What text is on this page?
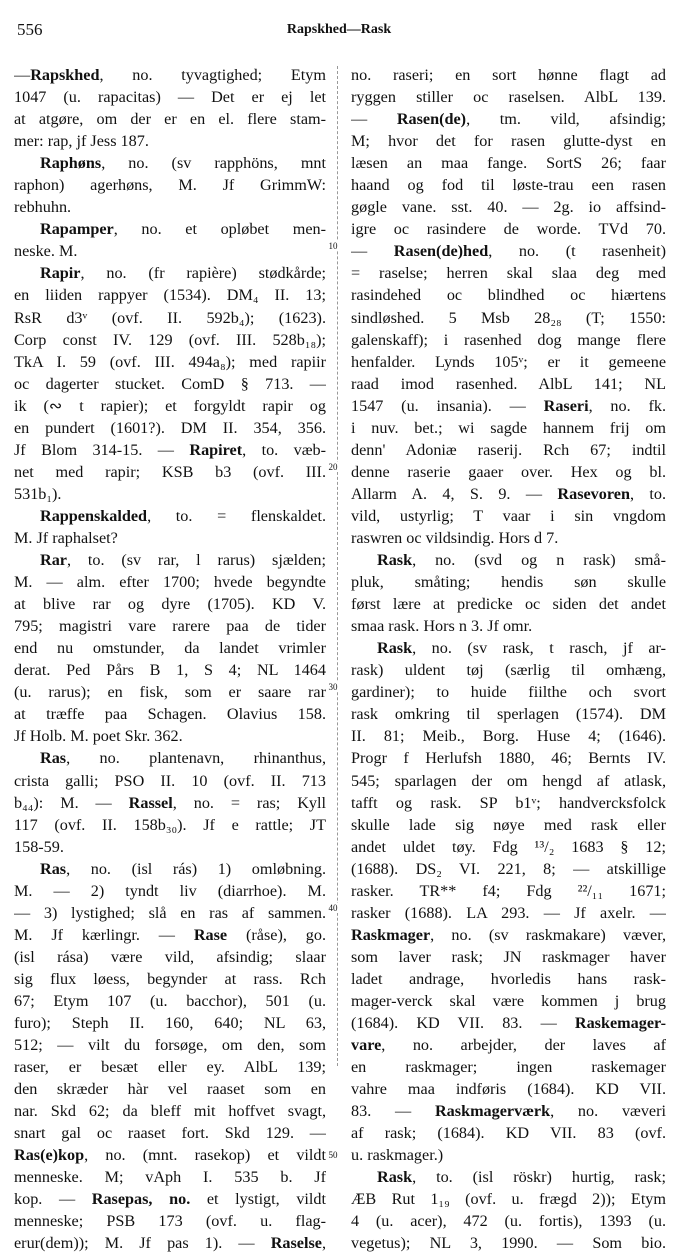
556	Rapskhed—Rask
—Rapskhed, no. tyvagtighed; Etym
1047 (u. rapacitas) — Det er ej let
at atgøre, om der er en el. flere stam-
mer: rap, jf Jess 187.
Raphøns, no. (sv rapphöns, mnt
raphon) agerhøns, M. Jf GrimmW:
rebhuhn.
Rapamper, no. et opløbet men-
neske. M.
Rapir, no. (fr rapière) stødkårde;
en liiden rappyer (1534). DM₄ II. 13;
RsR d3ᵛ (ovf. II. 592b₄); (1623).
Corp const IV. 129 (ovf. III. 528b₁₈);
TkA I. 59 (ovf. III. 494a₈); med rapiir
oc dagerter stucket. ComD § 713. —
ik (∾ t rapier); et forgyldt rapir og
en pundert (1601?). DM II. 354, 356.
Jf Blom 314-15. — Rapiret, to. væb-
net med rapir; KSB b3 (ovf. III.
531b₁).
Rappenskalded, to. = flenskaldet.
M. Jf raphalset?
Rar, to. (sv rar, l rarus) sjælden;
M. — alm. efter 1700; hvede begyndte
at blive rar og dyre (1705). KD V.
795; magistri vare rarere paa de tider
end nu omstunder, da landet vrimler
derat. Ped Pårs B 1, S 4; NL 1464
(u. rarus); en fisk, som er saare rar
at træffe paa Schagen. Olavius 158.
Jf Holb. M. poet Skr. 362.
Ras, no. plantenavn, rhinanthus,
crista galli; PSO II. 10 (ovf. II. 713
b₄₄): M. — Rassel, no. = ras; Kyll
117 (ovf. II. 158b₃₀). Jf e rattle; JT
158-59.
Ras, no. (isl rás) 1) omløbning.
M. — 2) tyndt liv (diarrhoe). M.
— 3) lystighed; slå en ras af sammen.
M. Jf kærlingr. — Rase (råse), go.
(isl rása) være vild, afsindig; slaar
sig flux løess, begynder at rass. Rch
67; Etym 107 (u. bacchor), 501 (u.
furo); Steph II. 160, 640; NL 63,
512; — vilt du forsøge, om den, som
raser, er besæt eller ey. AlbL 139;
den skræder hàr vel raaset som en
nar. Skd 62; da bleff mit hoffvet svagt,
snart gal oc raaset fort. Skd 129. —
Ras(e)kop, no. (mnt. rasekop) et vildt
menneske. M; vAph I. 535 b. Jf
kop. — Rasepas, no. et lystigt, vildt
menneske; PSB 173 (ovf. u. flag-
erur(dem)); M. Jf pas 1). — Raselse,
no. raseri; en sort hønne flagt ad
ryggen stiller oc raselsen. AlbL 139.
— Rasen(de), tm. vild, afsindig;
M; hvor det for rasen glutte-dyst en
læsen an maa fange. SortS 26; faar
haand og fod til løste-trau een rasen
gøgle vane. sst. 40. — 2g. io affsind-
igre oc rasindere de worde. TVd 70.
— Rasen(de)hed, no. (t rasenheit)
= raselse; herren skal slaa deg med
rasindehed oc blindhed oc hiærtens
sindløshed. 5 Msb 28₂₈ (T; 1550:
galenskaff); i rasenhed dog mange flere
henfalder. Lynds 105ᵛ; er it gemeene
raad imod rasenhed. AlbL 141; NL
1547 (u. insania). — Raseri, no. fk.
i nuv. bet.; wi sagde hannem frij om
denn' Adoniæ raserij. Rch 67; indtil
denne raserie gaaer over. Hex og bl.
Allarm A. 4, S. 9. — Rasevoren, to.
vild, ustyrlig; T vaar i sin vngdom
raswren oc vildsindig. Hors d 7.
Rask, no. (svd og n rask) små-
pluk, småting; hendis søn skulle
først lære at predicke oc siden det andet
smaa rask. Hors n 3. Jf omr.
Rask, no. (sv rask, t rasch, jf ar-
rask) uldent tøj (særlig til omhæng,
gardiner); to huide fiilthe och svort
rask omkring til sperlagen (1574). DM
II. 81; Meib., Borg. Huse 4; (1646).
Progr f Herlufsh 1880, 46; Bernts IV.
545; sparlagen der om hengd af atlask,
tafft og rask. SP b1ᵛ; handvercksfolck
skulle lade sig nøye med rask eller
andet uldet tøy. Fdg ¹³/₂ 1683 § 12;
(1688). DS₂ VI. 221, 8; — atskillige
rasker. TR** f4; Fdg ²²/₁₁ 1671;
rasker (1688). LA 293. — Jf axelr. —
Raskmager, no. (sv raskmakare) væver,
som laver rask; JN raskmager haver
ladet andrage, hvorledis hans rask-
mager-verck skal være kommen j brug
(1684). KD VII. 83. — Raskemager-
vare, no. arbejder, der laves af
en raskmager; ingen raskemager
vahre maa indføris (1684). KD VII.
83. — Raskmagerværk, no. væveri
af rask; (1684). KD VII. 83 (ovf.
u. raskmager.)
Rask, to. (isl röskr) hurtig, rask;
ÆB Rut 1₁₉ (ovf. u. frægd 2)); Etym
4 (u. acer), 472 (u. fortis), 1393 (u.
vegetus); NL 3, 1990. — Som bio.
10
20
30
40
50
